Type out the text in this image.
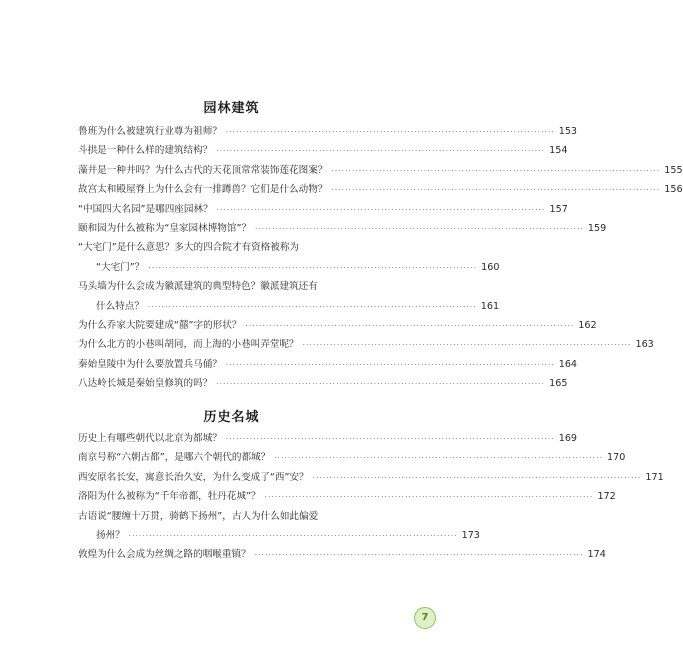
园林建筑
鲁班为什么被建筑行业尊为祖师？ ·····	153
斗拱是一种什么样的建筑结构？ ·····	154
藻井是一种井吗？为什么古代的天花顶常常装饰莲花图案？ ·····	155
故宫太和殿屋脊上为什么会有一排蹲兽？它们是什么动物？ ·····	156
“中国四大名园”是哪四座园林？ ·····	157
颐和园为什么被称为“皇家园林博物馆”？ ·····	159
“大宅门”是什么意思？多大的四合院才有资格被称为
“大宅门”？ ·····	160
马头墙为什么会成为徽派建筑的典型特色？徽派建筑还有
什么特点？ ·····	161
为什么乔家大院要建成“囍”字的形状？ ·····	162
为什么北方的小巷叫胡同，而上海的小巷叫弄堂呢？ ·····	163
秦始皇陵中为什么要放置兵马俑？ ·····	164
八达岭长城是秦始皇修筑的吗？ ·····	165
历史名城
历史上有哪些朝代以北京为都城？ ·····	169
南京号称“六朝古都”，是哪六个朝代的都城？ ·····	170
西安原名长安，寓意长治久安，为什么变成了“西”安？ ·····	171
洛阳为什么被称为“千年帝都，牡丹花城”？ ·····	172
古语说“腰缠十万贯，骑鹤下扬州”，古人为什么如此偏爱
扬州？ ·····	173
敦煌为什么会成为丝绸之路的咽喉重镇？ ·····	174
7
